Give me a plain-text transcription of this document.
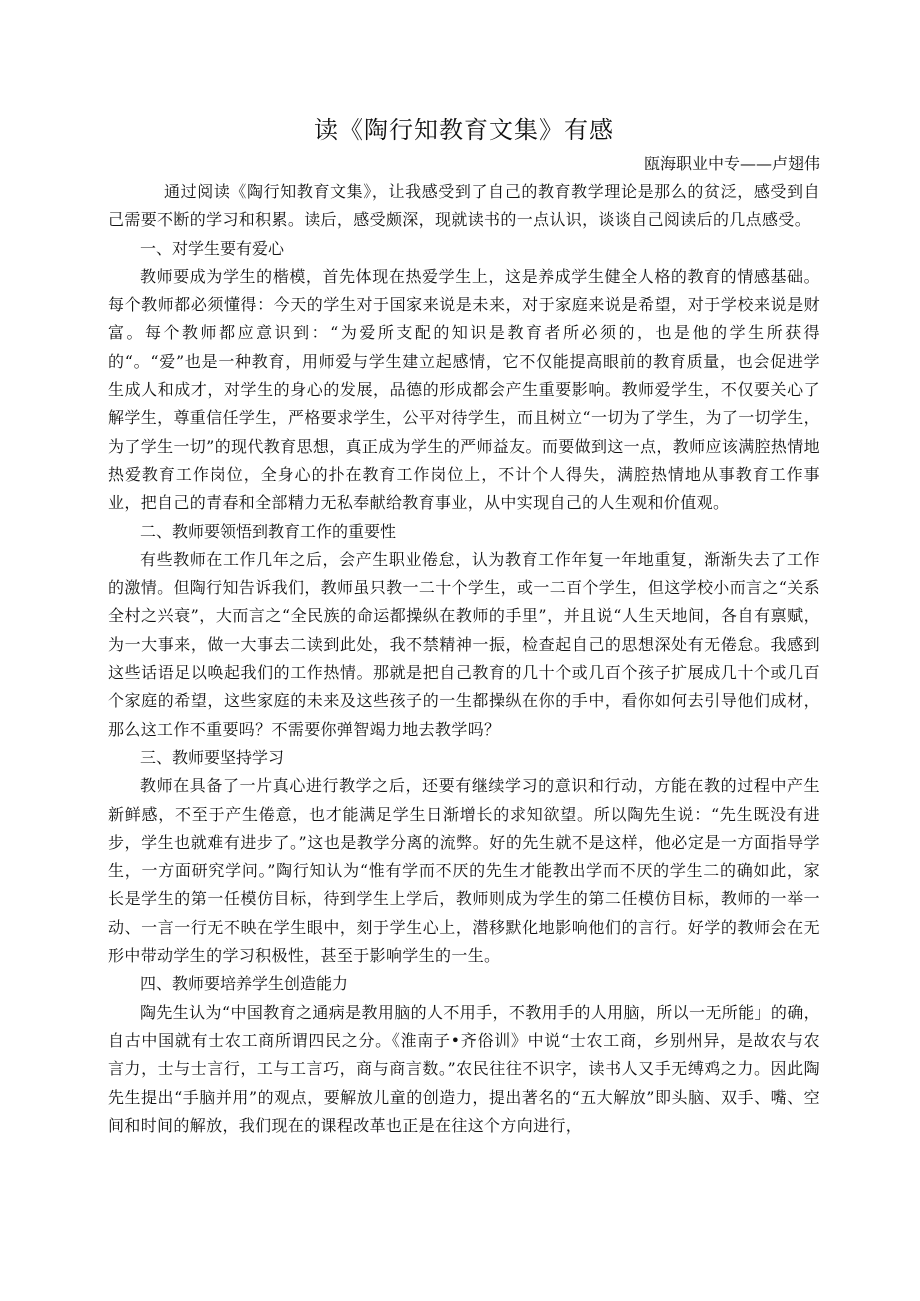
读《陶行知教育文集》有感

瓯海职业中专——卢翅伟

通过阅读《陶行知教育文集》，让我感受到了自己的教育教学理论是那么的贫泛，感受到自己需要不断的学习和积累。读后，感受颇深，现就读书的一点认识，谈谈自己阅读后的几点感受。

一、对学生要有爱心

教师要成为学生的楷模，首先体现在热爱学生上，这是养成学生健全人格的教育的情感基础。每个教师都必须懂得：今天的学生对于国家来说是未来，对于家庭来说是希望，对于学校来说是财富。每个教师都应意识到：“为爱所支配的知识是教育者所必须的，也是他的学生所获得的“。“爱”也是一种教育，用师爱与学生建立起感情，它不仅能提高眼前的教育质量，也会促进学生成人和成才，对学生的身心的发展，品德的形成都会产生重要影响。教师爱学生，不仅要关心了解学生，尊重信任学生，严格要求学生，公平对待学生，而且树立“一切为了学生，为了一切学生，为了学生一切”的现代教育思想，真正成为学生的严师益友。而要做到这一点，教师应该满腔热情地热爱教育工作岗位，全身心的扑在教育工作岗位上，不计个人得失，满腔热情地从事教育工作事业，把自己的青春和全部精力无私奉献给教育事业，从中实现自己的人生观和价值观。

二、教师要领悟到教育工作的重要性

有些教师在工作几年之后，会产生职业倦怠，认为教育工作年复一年地重复，渐渐失去了工作的激情。但陶行知告诉我们，教师虽只教一二十个学生，或一二百个学生，但这学校小而言之“关系全村之兴衰”，大而言之“全民族的命运都操纵在教师的手里”，并且说“人生天地间，各自有禀赋，为一大事来，做一大事去二读到此处，我不禁精神一振，检查起自己的思想深处有无倦怠。我感到这些话语足以唤起我们的工作热情。那就是把自己教育的几十个或几百个孩子扩展成几十个或几百个家庭的希望，这些家庭的未来及这些孩子的一生都操纵在你的手中，看你如何去引导他们成材，那么这工作不重要吗？不需要你弹智竭力地去教学吗？

三、教师要坚持学习

教师在具备了一片真心进行教学之后，还要有继续学习的意识和行动，方能在教的过程中产生新鲜感，不至于产生倦意，也才能满足学生日渐增长的求知欲望。所以陶先生说：“先生既没有进步，学生也就难有进步了。”这也是教学分离的流弊。好的先生就不是这样，他必定是一方面指导学生，一方面研究学问。”陶行知认为“惟有学而不厌的先生才能教出学而不厌的学生二的确如此，家长是学生的第一任模仿目标，待到学生上学后，教师则成为学生的第二任模仿目标，教师的一举一动、一言一行无不映在学生眼中，刻于学生心上，潜移默化地影响他们的言行。好学的教师会在无形中带动学生的学习积极性，甚至于影响学生的一生。

四、教师要培养学生创造能力

陶先生认为“中国教育之通病是教用脑的人不用手，不教用手的人用脑，所以一无所能」的确，自古中国就有士农工商所谓四民之分。《淮南子•齐俗训》中说“士农工商，乡别州异，是故农与农言力，士与士言行，工与工言巧，商与商言数。”农民往往不识字，读书人又手无缚鸡之力。因此陶先生提出“手脑并用”的观点，要解放儿童的创造力，提出著名的“五大解放”即头脑、双手、嘴、空间和时间的解放，我们现在的课程改革也正是在往这个方向进行，
